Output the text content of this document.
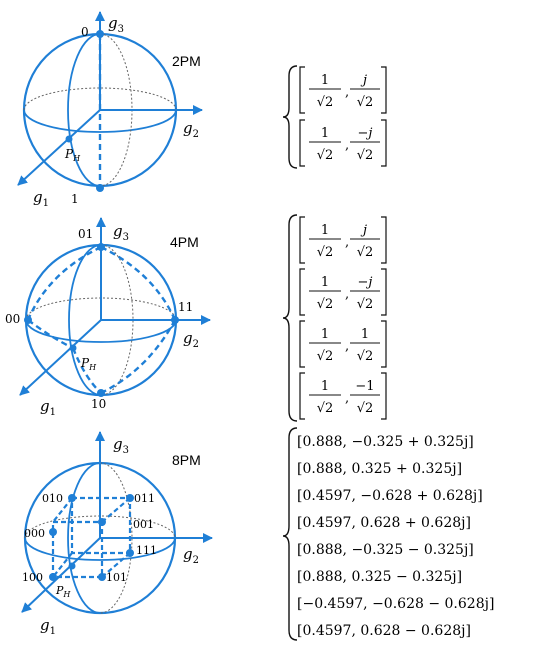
$g_3$
$g_2$
$g_1$
0
1
$P_H$
2PM
$g_3$
$g_2$
$g_1$
01
00
11
10
$P_H$
4PM
$g_3$
$g_2$
$g_1$
010	011
000
001
111
100	101
$P_H$
8PM
1
√2
,
j
√2
1
√2
,
−j
√2
1
√2
,
j
√2
1
√2
,
−j
√2
1
√2
,
1
√2
1
√2
,
−1
√2
[0.888, −0.325 + 0.325j]
[0.888, 0.325 + 0.325j]
[0.4597, −0.628 + 0.628j]
[0.4597, 0.628 + 0.628j]
[0.888, −0.325 − 0.325j]
[0.888, 0.325 − 0.325j]
[−0.4597, −0.628 − 0.628j]
[0.4597, 0.628 − 0.628j]
